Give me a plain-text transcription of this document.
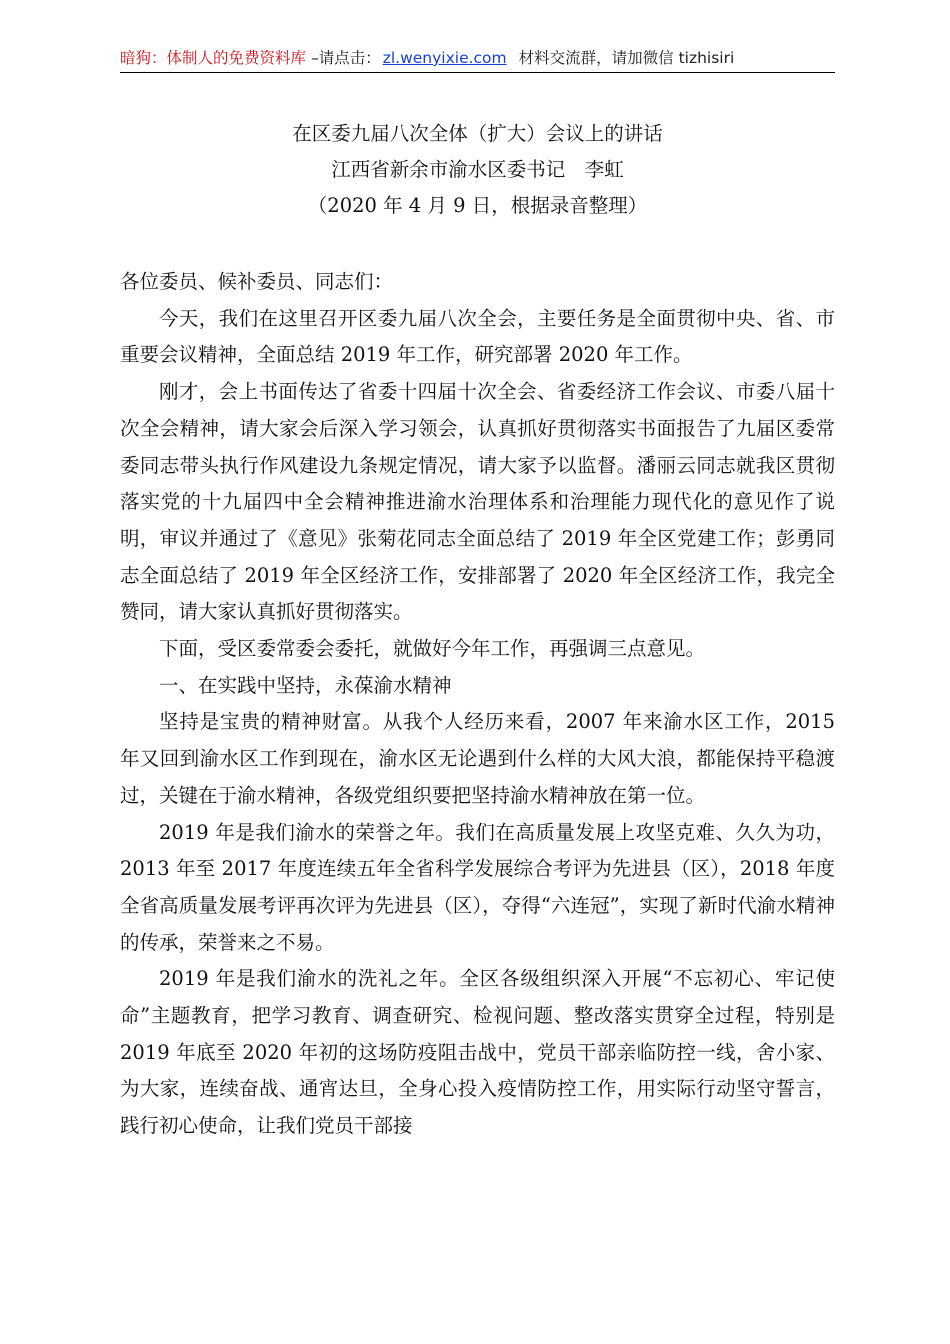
暗狗：体制人的免费资料库 –请点击： zl.wenyixie.com 材料交流群，请加微信 tizhisiri
在区委九届八次全体（扩大）会议上的讲话
江西省新余市渝水区委书记　李虹
（2020 年 4 月 9 日，根据录音整理）

各位委员、候补委员、同志们：

今天，我们在这里召开区委九届八次全会，主要任务是全面贯彻中央、省、市重要会议精神，全面总结 2019 年工作，研究部署 2020 年工作。

刚才，会上书面传达了省委十四届十次全会、省委经济工作会议、市委八届十次全会精神，请大家会后深入学习领会，认真抓好贯彻落实书面报告了九届区委常委同志带头执行作风建设九条规定情况，请大家予以监督。潘丽云同志就我区贯彻落实党的十九届四中全会精神推进渝水治理体系和治理能力现代化的意见作了说明，审议并通过了《意见》张菊花同志全面总结了 2019 年全区党建工作；彭勇同志全面总结了 2019 年全区经济工作，安排部署了 2020 年全区经济工作，我完全赞同，请大家认真抓好贯彻落实。

下面，受区委常委会委托，就做好今年工作，再强调三点意见。

一、在实践中坚持，永葆渝水精神

坚持是宝贵的精神财富。从我个人经历来看，2007 年来渝水区工作，2015 年又回到渝水区工作到现在，渝水区无论遇到什么样的大风大浪，都能保持平稳渡过，关键在于渝水精神，各级党组织要把坚持渝水精神放在第一位。

2019 年是我们渝水的荣誉之年。我们在高质量发展上攻坚克难、久久为功，2013 年至 2017 年度连续五年全省科学发展综合考评为先进县（区），2018 年度全省高质量发展考评再次评为先进县（区），夺得“六连冠”，实现了新时代渝水精神的传承，荣誉来之不易。

2019 年是我们渝水的洗礼之年。全区各级组织深入开展“不忘初心、牢记使命”主题教育，把学习教育、调查研究、检视问题、整改落实贯穿全过程，特别是 2019 年底至 2020 年初的这场防疫阻击战中，党员干部亲临防控一线，舍小家、为大家，连续奋战、通宵达旦，全身心投入疫情防控工作，用实际行动坚守誓言，践行初心使命，让我们党员干部接
